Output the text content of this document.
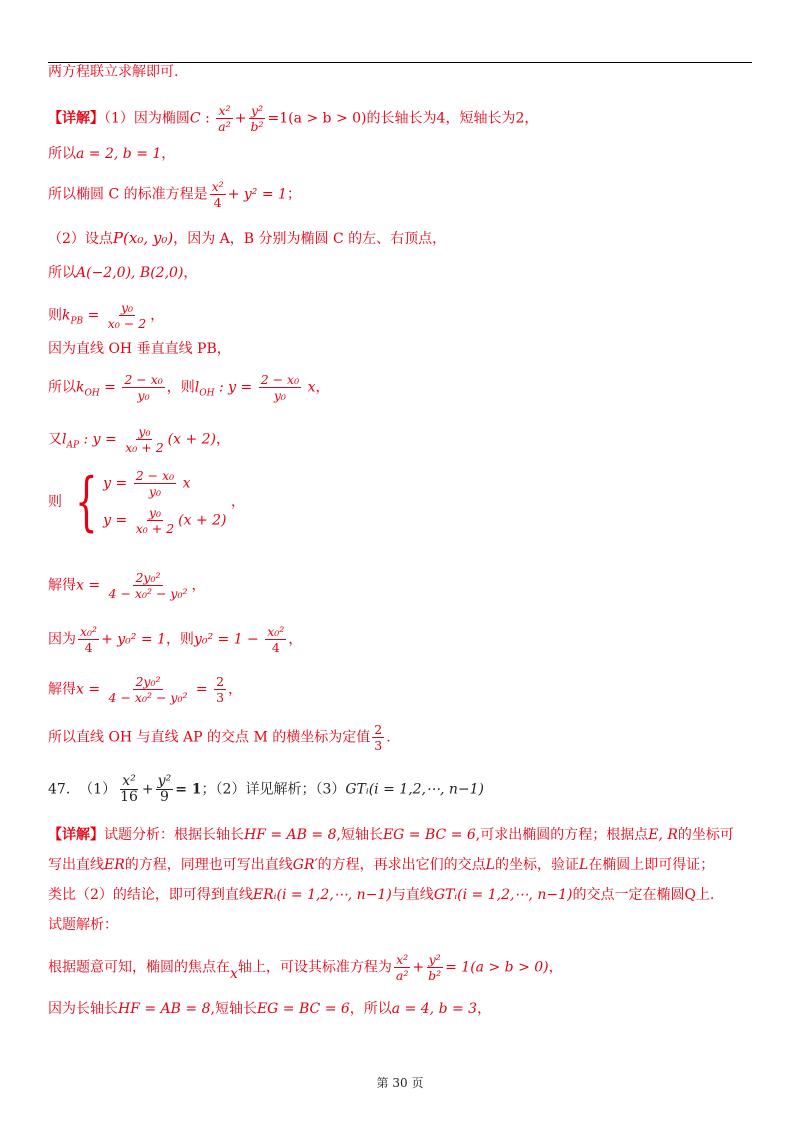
两方程联立求解即可.
【详解】（1）因为椭圆C : $\frac{\text{x²}}{\text{a²}} + \frac{\text{y²}}{\text{b²}} =1(a > b > 0)$的长轴长为4，短轴长为2，
所以a = 2, b = 1，
所以椭圆 C 的标准方程是 $\frac{\text{x²}}{4} + y^2 = 1$；
（2）设点P(x₀, y₀)，因为 A，B 分别为椭圆 C 的左、右顶点，
所以A(−2,0), B(2,0)，
则$k_{PB} = \frac{\text{y₀}}{\text{x₀ − 2}}$ ，
因为直线 OH 垂直直线 PB，
所以$k_{OH} = \frac{\text{2 − x₀}}{\text{y₀}}$ ，则$l_{OH}$ : $y = \frac{\text{2 − x₀}}{\text{y₀}}$ x，
又$l_{AP}$ : $y = \frac{\text{y₀}}{\text{x₀ + 2}} (x + 2)$，
则 { $y = \frac{\text{2 − x₀}}{\text{y₀}}$ x
$y = \frac{\text{y₀}}{\text{x₀ + 2}} (x + 2)$
，
解得$x = \frac{\text{2y₀²}}{\text{4 − x₀² − y₀²}}$ ，
因为 $\frac{\text{x₀²}}{4} + y_0^2 = 1$，则$y_0^2 = 1 - \frac{\text{x₀²}}{4}$ ，
解得$x = \frac{\text{2y₀²}}{\text{4 − x₀² − y₀²}} = \frac{2}{3}$ ，
所以直线 OH 与直线 AP 的交点 M 的横坐标为定值 $\frac{2}{3}$ .
47. $(1) \frac{\text{x²}}{16} + \frac{\text{y²}}{9} = 1$；（2）详见解析；（3）GTᵢ(i = 1,2,⋯, n−1)
【详解】试题分析：根据长轴长HF = AB = 8,短轴长EG = BC = 6,可求出椭圆的方程；根据点E, R的坐标可
写出直线ER的方程，同理也可写出直线GR′的方程，再求出它们的交点L的坐标，验证L在椭圆上即可得证；
类比（2）的结论，即可得到直线ERᵢ(i = 1,2,⋯, n−1)与直线GTᵢ(i = 1,2,⋯, n−1)的交点一定在椭圆Q上.
试题解析：
根据题意可知，椭圆的焦点在x轴上，可设其标准方程为 $\frac{\text{x²}}{\text{a²}} + \frac{\text{y²}}{\text{b²}} = 1(a > b > 0)$，
因为长轴长HF = AB = 8,短轴长EG = BC = 6，所以a = 4, b = 3，
第 30 页
